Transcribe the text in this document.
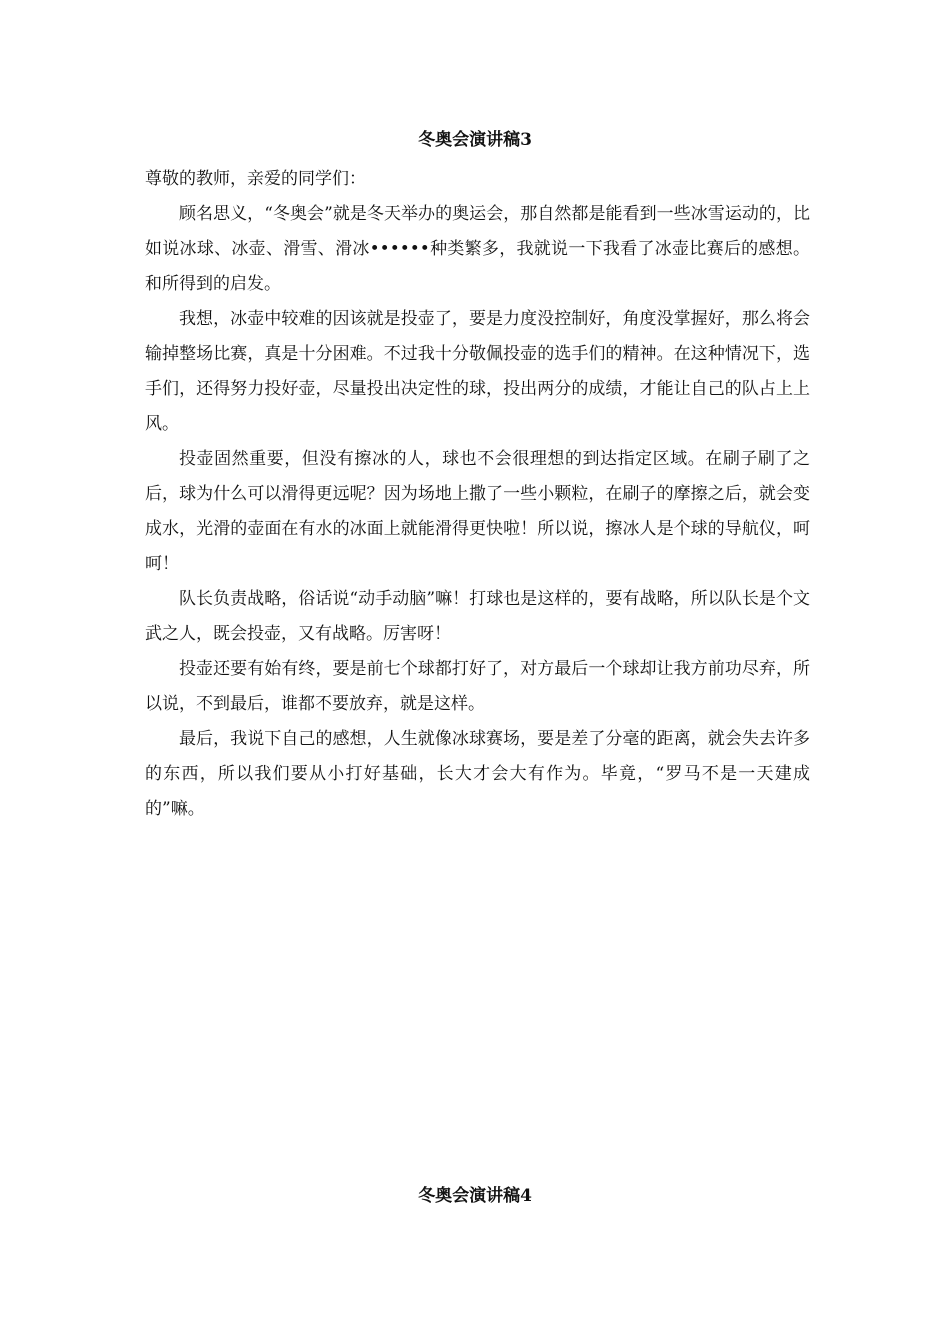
冬奥会演讲稿3

尊敬的教师，亲爱的同学们：

顾名思义，“冬奥会”就是冬天举办的奥运会，那自然都是能看到一些冰雪运动的，比如说冰球、冰壶、滑雪、滑冰••••••种类繁多，我就说一下我看了冰壶比赛后的感想。和所得到的启发。

我想，冰壶中较难的因该就是投壶了，要是力度没控制好，角度没掌握好，那么将会输掉整场比赛，真是十分困难。不过我十分敬佩投壶的选手们的精神。在这种情况下，选手们，还得努力投好壶，尽量投出决定性的球，投出两分的成绩，才能让自己的队占上上风。

投壶固然重要，但没有擦冰的人，球也不会很理想的到达指定区域。在刷子刷了之后，球为什么可以滑得更远呢？因为场地上撒了一些小颗粒，在刷子的摩擦之后，就会变成水，光滑的壶面在有水的冰面上就能滑得更快啦！所以说，擦冰人是个球的导航仪，呵呵！

队长负责战略，俗话说“动手动脑”嘛！打球也是这样的，要有战略，所以队长是个文武之人，既会投壶，又有战略。厉害呀！

投壶还要有始有终，要是前七个球都打好了，对方最后一个球却让我方前功尽弃，所以说，不到最后，谁都不要放弃，就是这样。

最后，我说下自己的感想，人生就像冰球赛场，要是差了分毫的距离，就会失去许多的东西，所以我们要从小打好基础，长大才会大有作为。毕竟，“罗马不是一天建成的”嘛。

冬奥会演讲稿4
